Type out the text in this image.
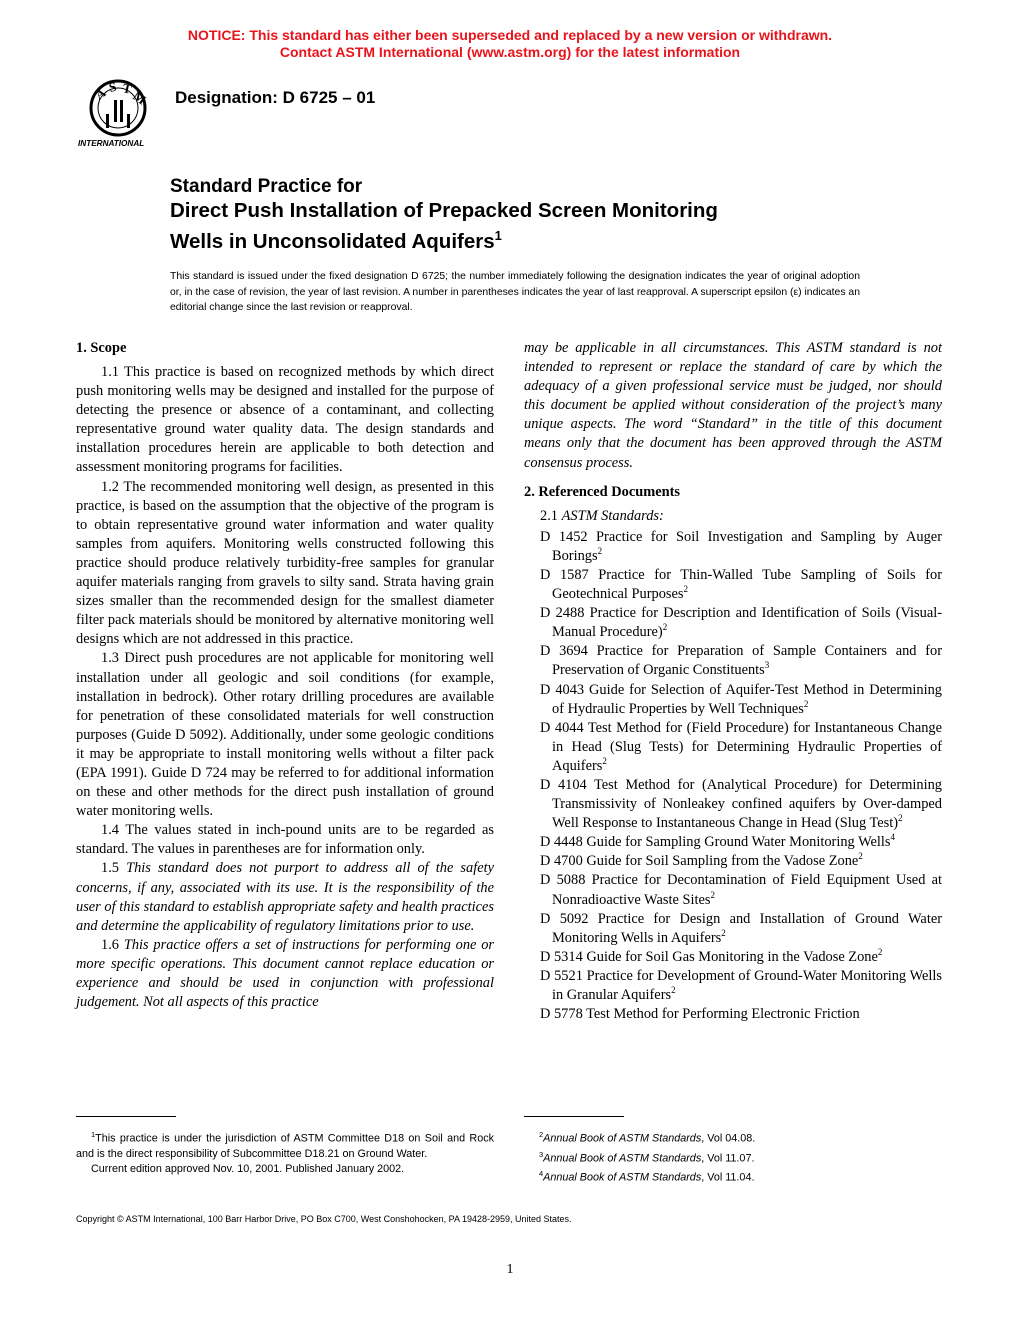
NOTICE: This standard has either been superseded and replaced by a new version or withdrawn.
Contact ASTM International (www.astm.org) for the latest information
A S T
M
INTERNATIONAL
Designation: D 6725 – 01
Standard Practice for
Direct Push Installation of Prepacked Screen Monitoring
Wells in Unconsolidated Aquifers$^1$
This standard is issued under the fixed designation D 6725; the number immediately following the designation indicates the year of original adoption or, in the case of revision, the year of last revision. A number in parentheses indicates the year of last reapproval. A superscript epsilon (ε) indicates an editorial change since the last revision or reapproval.
1. Scope

1.1 This practice is based on recognized methods by which direct push monitoring wells may be designed and installed for the purpose of detecting the presence or absence of a contaminant, and collecting representative ground water quality data. The design standards and installation procedures herein are applicable to both detection and assessment monitoring programs for facilities.

1.2 The recommended monitoring well design, as presented in this practice, is based on the assumption that the objective of the program is to obtain representative ground water information and water quality samples from aquifers. Monitoring wells constructed following this practice should produce relatively turbidity-free samples for granular aquifer materials ranging from gravels to silty sand. Strata having grain sizes smaller than the recommended design for the smallest diameter filter pack materials should be monitored by alternative monitoring well designs which are not addressed in this practice.

1.3 Direct push procedures are not applicable for monitoring well installation under all geologic and soil conditions (for example, installation in bedrock). Other rotary drilling procedures are available for penetration of these consolidated materials for well construction purposes (Guide D 5092). Additionally, under some geologic conditions it may be appropriate to install monitoring wells without a filter pack (EPA 1991). Guide D 724 may be referred to for additional information on these and other methods for the direct push installation of ground water monitoring wells.

1.4 The values stated in inch-pound units are to be regarded as standard. The values in parentheses are for information only.

1.5 This standard does not purport to address all of the safety concerns, if any, associated with its use. It is the responsibility of the user of this standard to establish appropriate safety and health practices and determine the applicability of regulatory limitations prior to use.

1.6 This practice offers a set of instructions for performing one or more specific operations. This document cannot replace education or experience and should be used in conjunction with professional judgement. Not all aspects of this practice

may be applicable in all circumstances. This ASTM standard is not intended to represent or replace the standard of care by which the adequacy of a given professional service must be judged, nor should this document be applied without consideration of the project’s many unique aspects. The word “Standard” in the title of this document means only that the document has been approved through the ASTM consensus process.

2. Referenced Documents

2.1 ASTM Standards:

D 1452 Practice for Soil Investigation and Sampling by Auger Borings$^2$

D 1587 Practice for Thin-Walled Tube Sampling of Soils for Geotechnical Purposes$^2$

D 2488 Practice for Description and Identification of Soils (Visual-Manual Procedure)$^2$

D 3694 Practice for Preparation of Sample Containers and for Preservation of Organic Constituents$^3$

D 4043 Guide for Selection of Aquifer-Test Method in Determining of Hydraulic Properties by Well Techniques$^2$

D 4044 Test Method for (Field Procedure) for Instantaneous Change in Head (Slug Tests) for Determining Hydraulic Properties of Aquifers$^2$

D 4104 Test Method for (Analytical Procedure) for Determining Transmissivity of Nonleakey confined aquifers by Over-damped Well Response to Instantaneous Change in Head (Slug Test)$^2$

D 4448 Guide for Sampling Ground Water Monitoring Wells$^4$

D 4700 Guide for Soil Sampling from the Vadose Zone$^2$

D 5088 Practice for Decontamination of Field Equipment Used at Nonradioactive Waste Sites$^2$

D 5092 Practice for Design and Installation of Ground Water Monitoring Wells in Aquifers$^2$

D 5314 Guide for Soil Gas Monitoring in the Vadose Zone$^2$

D 5521 Practice for Development of Ground-Water Monitoring Wells in Granular Aquifers$^2$

D 5778 Test Method for Performing Electronic Friction

$^1$This practice is under the jurisdiction of ASTM Committee D18 on Soil and Rock and is the direct responsibility of Subcommittee D18.21 on Ground Water.

Current edition approved Nov. 10, 2001. Published January 2002.

$^2$Annual Book of ASTM Standards, Vol 04.08.

$^3$Annual Book of ASTM Standards, Vol 11.07.

$^4$Annual Book of ASTM Standards, Vol 11.04.

Copyright © ASTM International, 100 Barr Harbor Drive, PO Box C700, West Conshohocken, PA 19428-2959, United States.
1
